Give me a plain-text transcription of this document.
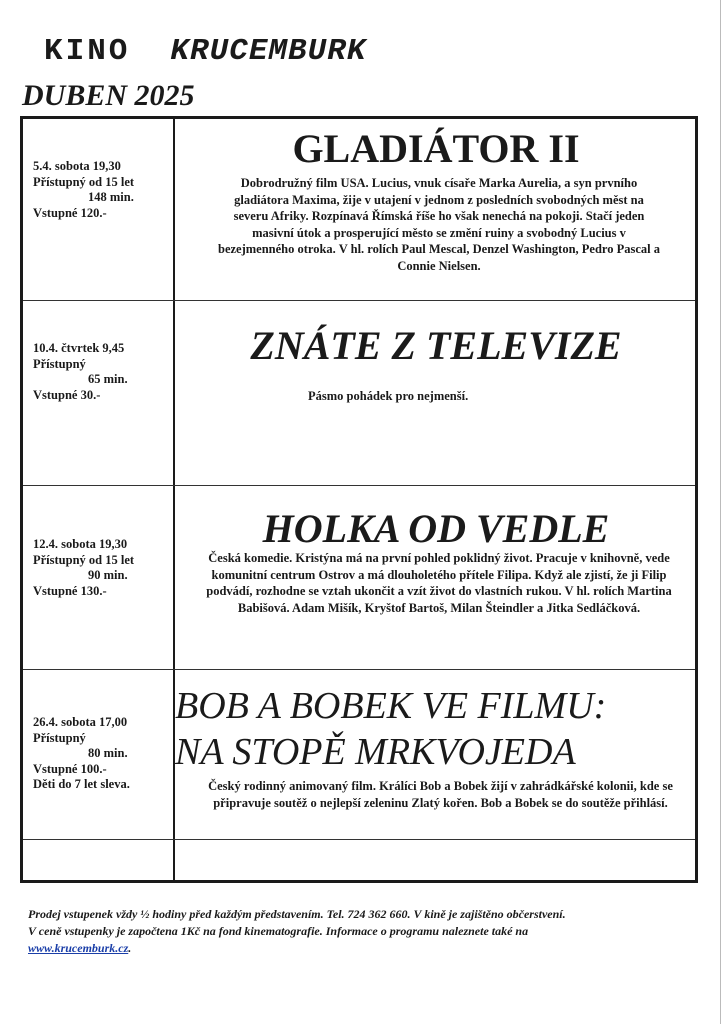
KINO KRUCEMBURK
DUBEN 2025
5.4. sobota 19,30
Přístupný od 15 let
148 min.
Vstupné 120.-
GLADIÁTOR II
Dobrodružný film USA. Lucius, vnuk císaře Marka Aurelia, a syn prvního gladiátora Maxima, žije v utajení v jednom z posledních svobodných měst na severu Afriky. Rozpínavá Římská říše ho však nenechá na pokoji. Stačí jeden masivní útok a prosperující město se změní ruiny a svobodný Lucius v bezejmenného otroka. V hl. rolích Paul Mescal, Denzel Washington, Pedro Pascal a Connie Nielsen.
10.4. čtvrtek 9,45
Přístupný
65 min.
Vstupné 30.-
ZNÁTE Z TELEVIZE
Pásmo pohádek pro nejmenší.
12.4. sobota 19,30
Přístupný od 15 let
90 min.
Vstupné 130.-
HOLKA OD VEDLE
Česká komedie. Kristýna má na první pohled poklidný život. Pracuje v knihovně, vede komunitní centrum Ostrov a má dlouholetého přítele Filipa. Když ale zjistí, že ji Filip podvádí, rozhodne se vztah ukončit a vzít život do vlastních rukou. V hl. rolích Martina Babišová. Adam Mišík, Kryštof Bartoš, Milan Šteindler a Jitka Sedláčková.
26.4. sobota 17,00
Přístupný
80 min.
Vstupné 100.-
Děti do 7 let sleva.
BOB A BOBEK VE FILMU:
NA STOPĚ MRKVOJEDA
Český rodinný animovaný film. Králíci Bob a Bobek žijí v zahrádkářské kolonii, kde se připravuje soutěž o nejlepší zeleninu Zlatý kořen. Bob a Bobek se do soutěže přihlásí.
Prodej vstupenek vždy ½ hodiny před každým představením. Tel. 724 362 660. V kině je zajištěno občerstvení.
V ceně vstupenky je započtena 1Kč na fond kinematografie. Informace o programu naleznete také na
www.krucemburk.cz.
